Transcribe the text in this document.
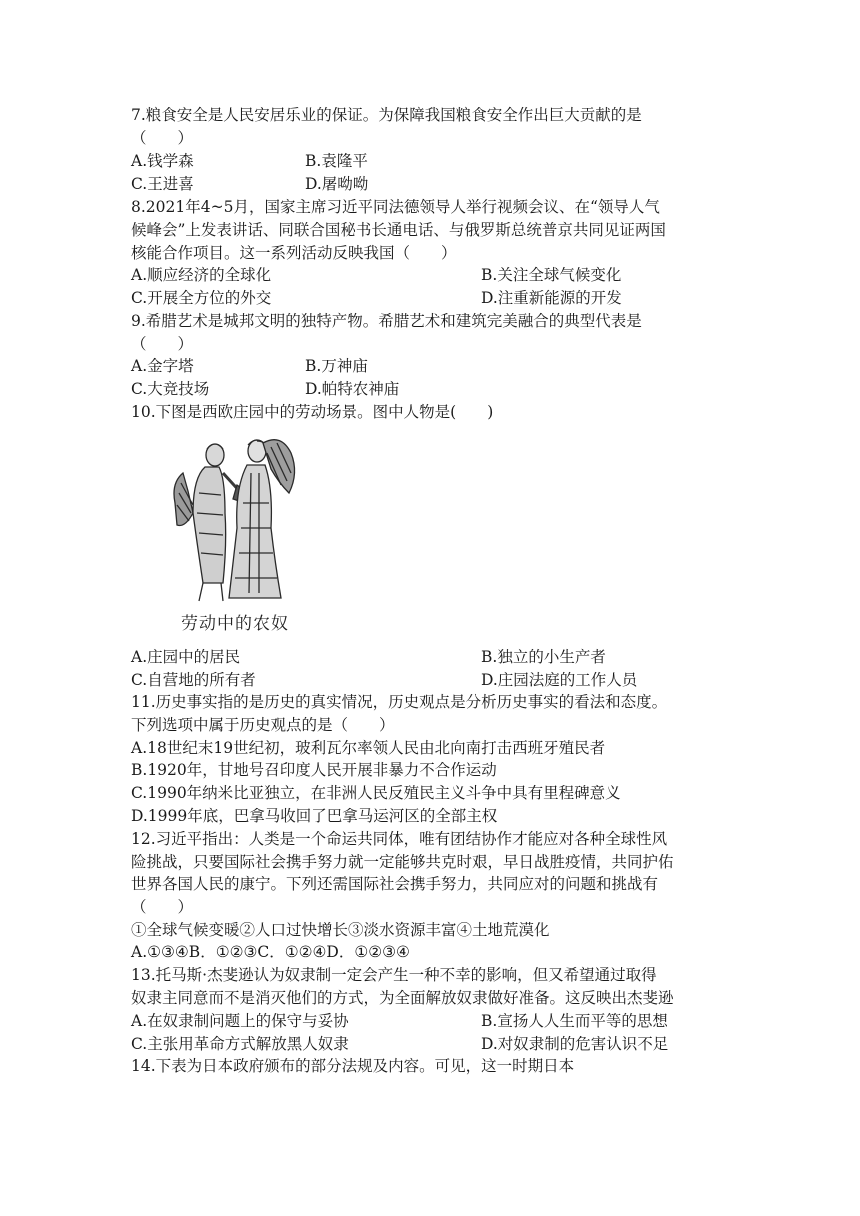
7.粮食安全是人民安居乐业的保证。为保障我国粮食安全作出巨大贡献的是
（　　）
A.钱学森	B.袁隆平
C.王进喜	D.屠呦呦
8.2021年4~5月，国家主席习近平同法德领导人举行视频会议、在“领导人气
候峰会”上发表讲话、同联合国秘书长通电话、与俄罗斯总统普京共同见证两国
核能合作项目。这一系列活动反映我国（　　）
A.顺应经济的全球化	B.关注全球气候变化
C.开展全方位的外交	D.注重新能源的开发
9.希腊艺术是城邦文明的独特产物。希腊艺术和建筑完美融合的典型代表是
（　　）
A.金字塔	B.万神庙
C.大竞技场	D.帕特农神庙
10.下图是西欧庄园中的劳动场景。图中人物是(　　)
劳动中的农奴
A.庄园中的居民	B.独立的小生产者
C.自营地的所有者	D.庄园法庭的工作人员
11.历史事实指的是历史的真实情况，历史观点是分析历史事实的看法和态度。
下列选项中属于历史观点的是（　　）
A.18世纪末19世纪初，玻利瓦尔率领人民由北向南打击西班牙殖民者
B.1920年，甘地号召印度人民开展非暴力不合作运动
C.1990年纳米比亚独立，在非洲人民反殖民主义斗争中具有里程碑意义
D.1999年底，巴拿马收回了巴拿马运河区的全部主权
12.习近平指出：人类是一个命运共同体，唯有团结协作才能应对各种全球性风
险挑战，只要国际社会携手努力就一定能够共克时艰，早日战胜疫情，共同护佑
世界各国人民的康宁。下列还需国际社会携手努力，共同应对的问题和挑战有
（　　）
①全球气候变暖②人口过快增长③淡水资源丰富④土地荒漠化
A.①③④B．①②③C．①②④D．①②③④
13.托马斯·杰斐逊认为奴隶制一定会产生一种不幸的影响，但又希望通过取得
奴隶主同意而不是消灭他们的方式，为全面解放奴隶做好准备。这反映出杰斐逊
A.在奴隶制问题上的保守与妥协	B.宣扬人人生而平等的思想
C.主张用革命方式解放黑人奴隶	D.对奴隶制的危害认识不足
14.下表为日本政府颁布的部分法规及内容。可见，这一时期日本
